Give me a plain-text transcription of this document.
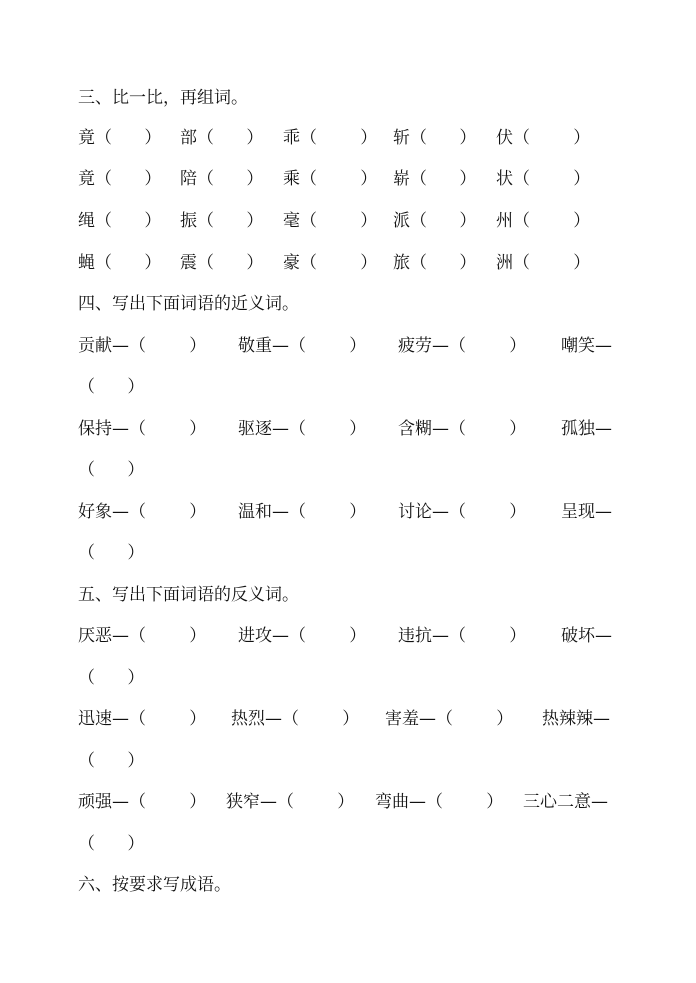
三、比一比，再组词。

竟（      ）

部（      ）

乖（        ）

斩（      ）

伏（        ）

竟（      ）

陪（      ）

乘（        ）

崭（      ）

状（        ）

绳（      ）

振（      ）

毫（        ）

派（      ）

州（        ）

蝇（      ）

震（      ）

豪（        ）

旅（      ）

洲（        ）

四、写出下面词语的近义词。

贡献—（        ）

敬重—（        ）

疲劳—（        ）

嘲笑—

（      ）

保持—（        ）

驱逐—（        ）

含糊—（        ）

孤独—

（      ）

好象—（        ）

温和—（        ）

讨论—（        ）

呈现—

（      ）

五、写出下面词语的反义词。

厌恶—（        ）

进攻—（        ）

违抗—（        ）

破坏—

（      ）

迅速—（        ）

热烈—（        ）

害羞—（        ）

热辣辣—

（      ）

顽强—（        ）

狭窄—（        ）

弯曲—（        ）

三心二意—

（      ）

六、按要求写成语。
